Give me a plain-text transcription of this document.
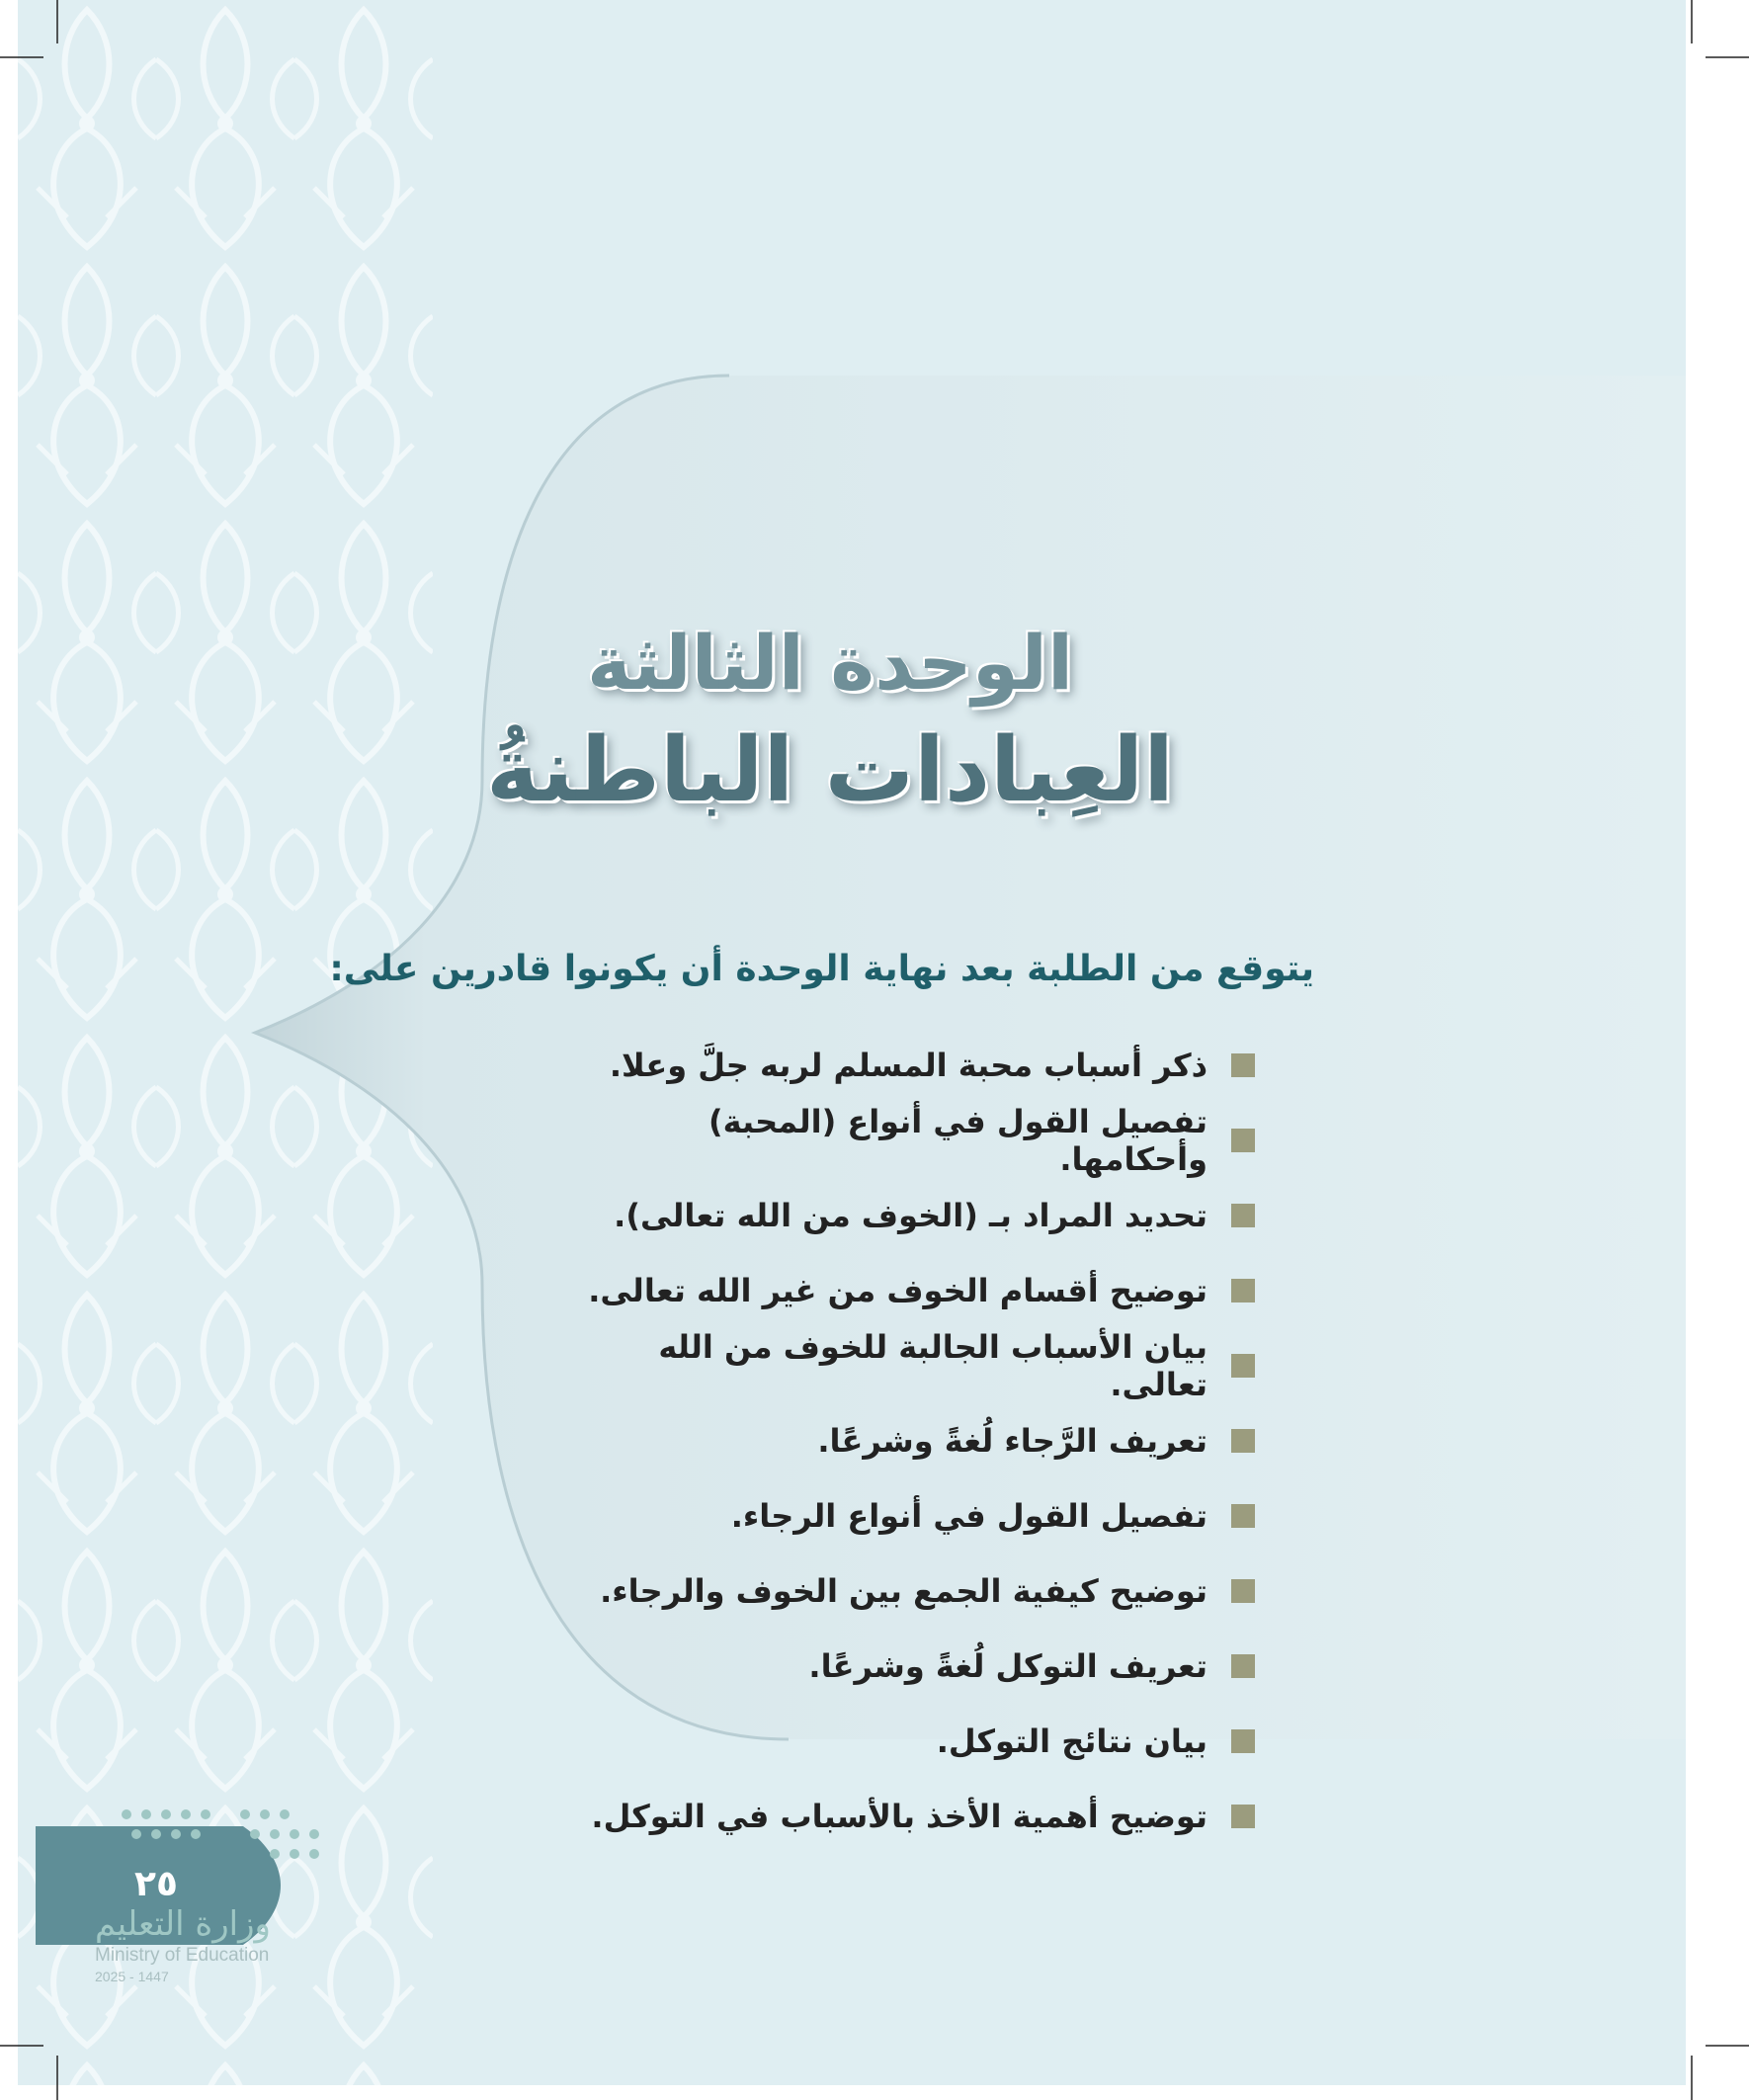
الوحدة الثالثة
العِبادات الباطنةُ
يتوقع من الطلبة بعد نهاية الوحدة أن يكونوا قادرين على:
ذكر أسباب محبة المسلم لربه جلَّ وعلا.
تفصيل القول في أنواع (المحبة) وأحكامها.
تحديد المراد بـ (الخوف من الله تعالى).
توضيح أقسام الخوف من غير الله تعالى.
بيان الأسباب الجالبة للخوف من الله تعالى.
تعريف الرَّجاء لُغةً وشرعًا.
تفصيل القول في أنواع الرجاء.
توضيح كيفية الجمع بين الخوف والرجاء.
تعريف التوكل لُغةً وشرعًا.
بيان نتائج التوكل.
توضيح أهمية الأخذ بالأسباب في التوكل.
٢٥
وزارة التعليم
Ministry of Education
2025 - 1447
